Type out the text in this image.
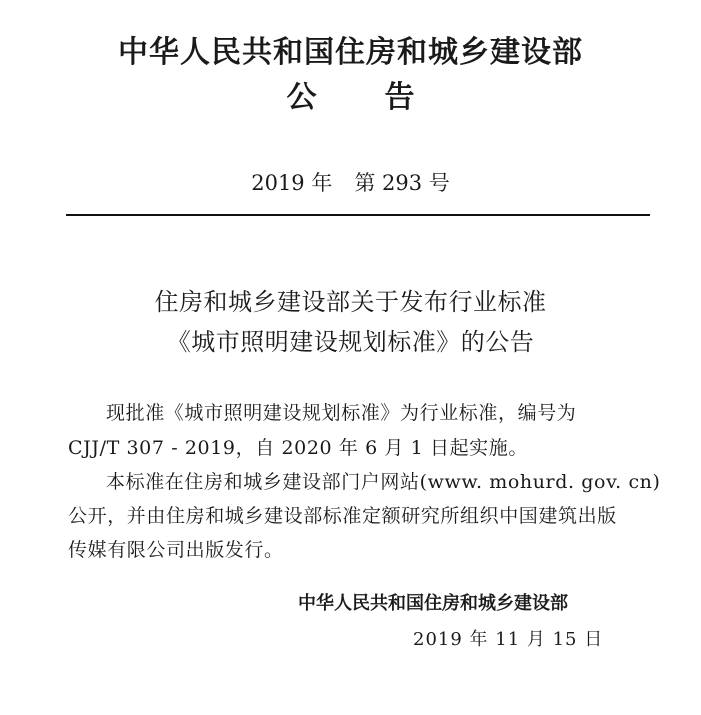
中华人民共和国住房和城乡建设部
公 告
2019 年 第 293 号
住房和城乡建设部关于发布行业标准
《城市照明建设规划标准》的公告
现批准《城市照明建设规划标准》为行业标准，编号为
CJJ/T 307 - 2019，自 2020 年 6 月 1 日起实施。
本标准在住房和城乡建设部门户网站(www. mohurd. gov. cn)
公开，并由住房和城乡建设部标准定额研究所组织中国建筑出版
传媒有限公司出版发行。
中华人民共和国住房和城乡建设部
2019 年 11 月 15 日
